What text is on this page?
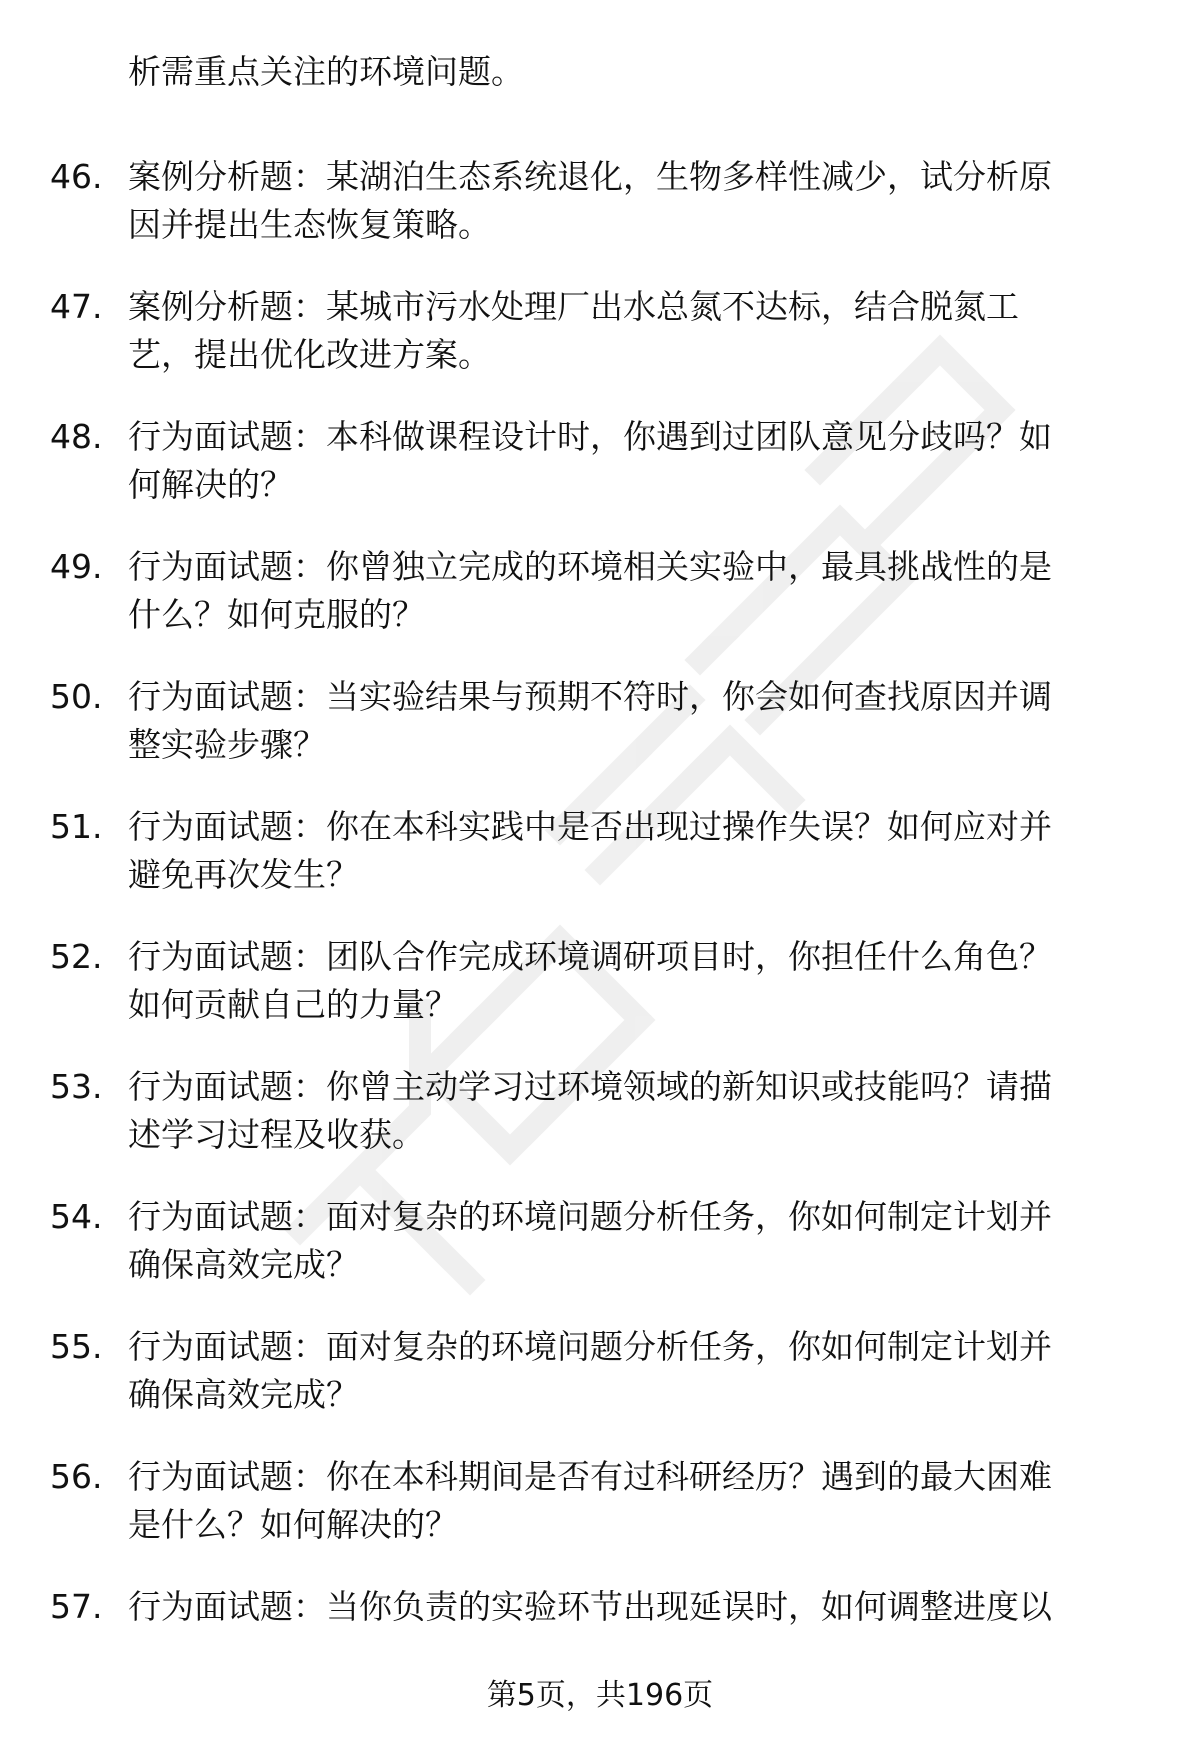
析需重点关注的环境问题。
46. 案例分析题：某湖泊生态系统退化，生物多样性减少，试分析原
因并提出生态恢复策略。
47. 案例分析题：某城市污水处理厂出水总氮不达标，结合脱氮工
艺，提出优化改进方案。
48. 行为面试题：本科做课程设计时，你遇到过团队意见分歧吗？如
何解决的？
49. 行为面试题：你曾独立完成的环境相关实验中，最具挑战性的是
什么？如何克服的？
50. 行为面试题：当实验结果与预期不符时，你会如何查找原因并调
整实验步骤？
51. 行为面试题：你在本科实践中是否出现过操作失误？如何应对并
避免再次发生？
52. 行为面试题：团队合作完成环境调研项目时，你担任什么角色？
如何贡献自己的力量？
53. 行为面试题：你曾主动学习过环境领域的新知识或技能吗？请描
述学习过程及收获。
54. 行为面试题：面对复杂的环境问题分析任务，你如何制定计划并
确保高效完成？
55. 行为面试题：面对复杂的环境问题分析任务，你如何制定计划并
确保高效完成？
56. 行为面试题：你在本科期间是否有过科研经历？遇到的最大困难
是什么？如何解决的？
57. 行为面试题：当你负责的实验环节出现延误时，如何调整进度以
第5页，共196页
